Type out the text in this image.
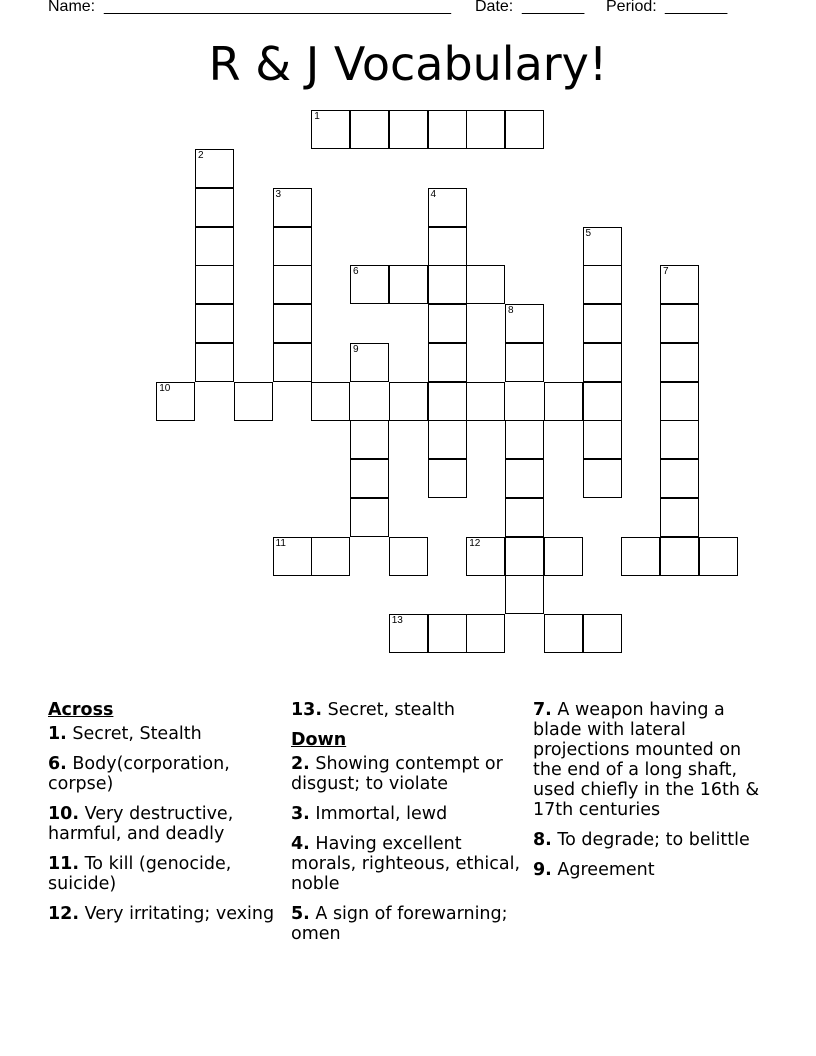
Name: _______________________________________ Date: _______ Period: _______
R & J Vocabulary!
1
2
3	4
5
6	7
8
9
10
11	12
13
Across
1. Secret, Stealth
6. Body(corporation, corpse)
10. Very destructive, harmful, and deadly
11. To kill (genocide, suicide)
12. Very irritating; vexing
13. Secret, stealth
Down
2. Showing contempt or disgust; to violate
3. Immortal, lewd
4. Having excellent morals, righteous, ethical, noble
5. A sign of forewarning; omen
7. A weapon having a blade with lateral projections mounted on the end of a long shaft, used chiefly in the 16th & 17th centuries
8. To degrade; to belittle
9. Agreement
